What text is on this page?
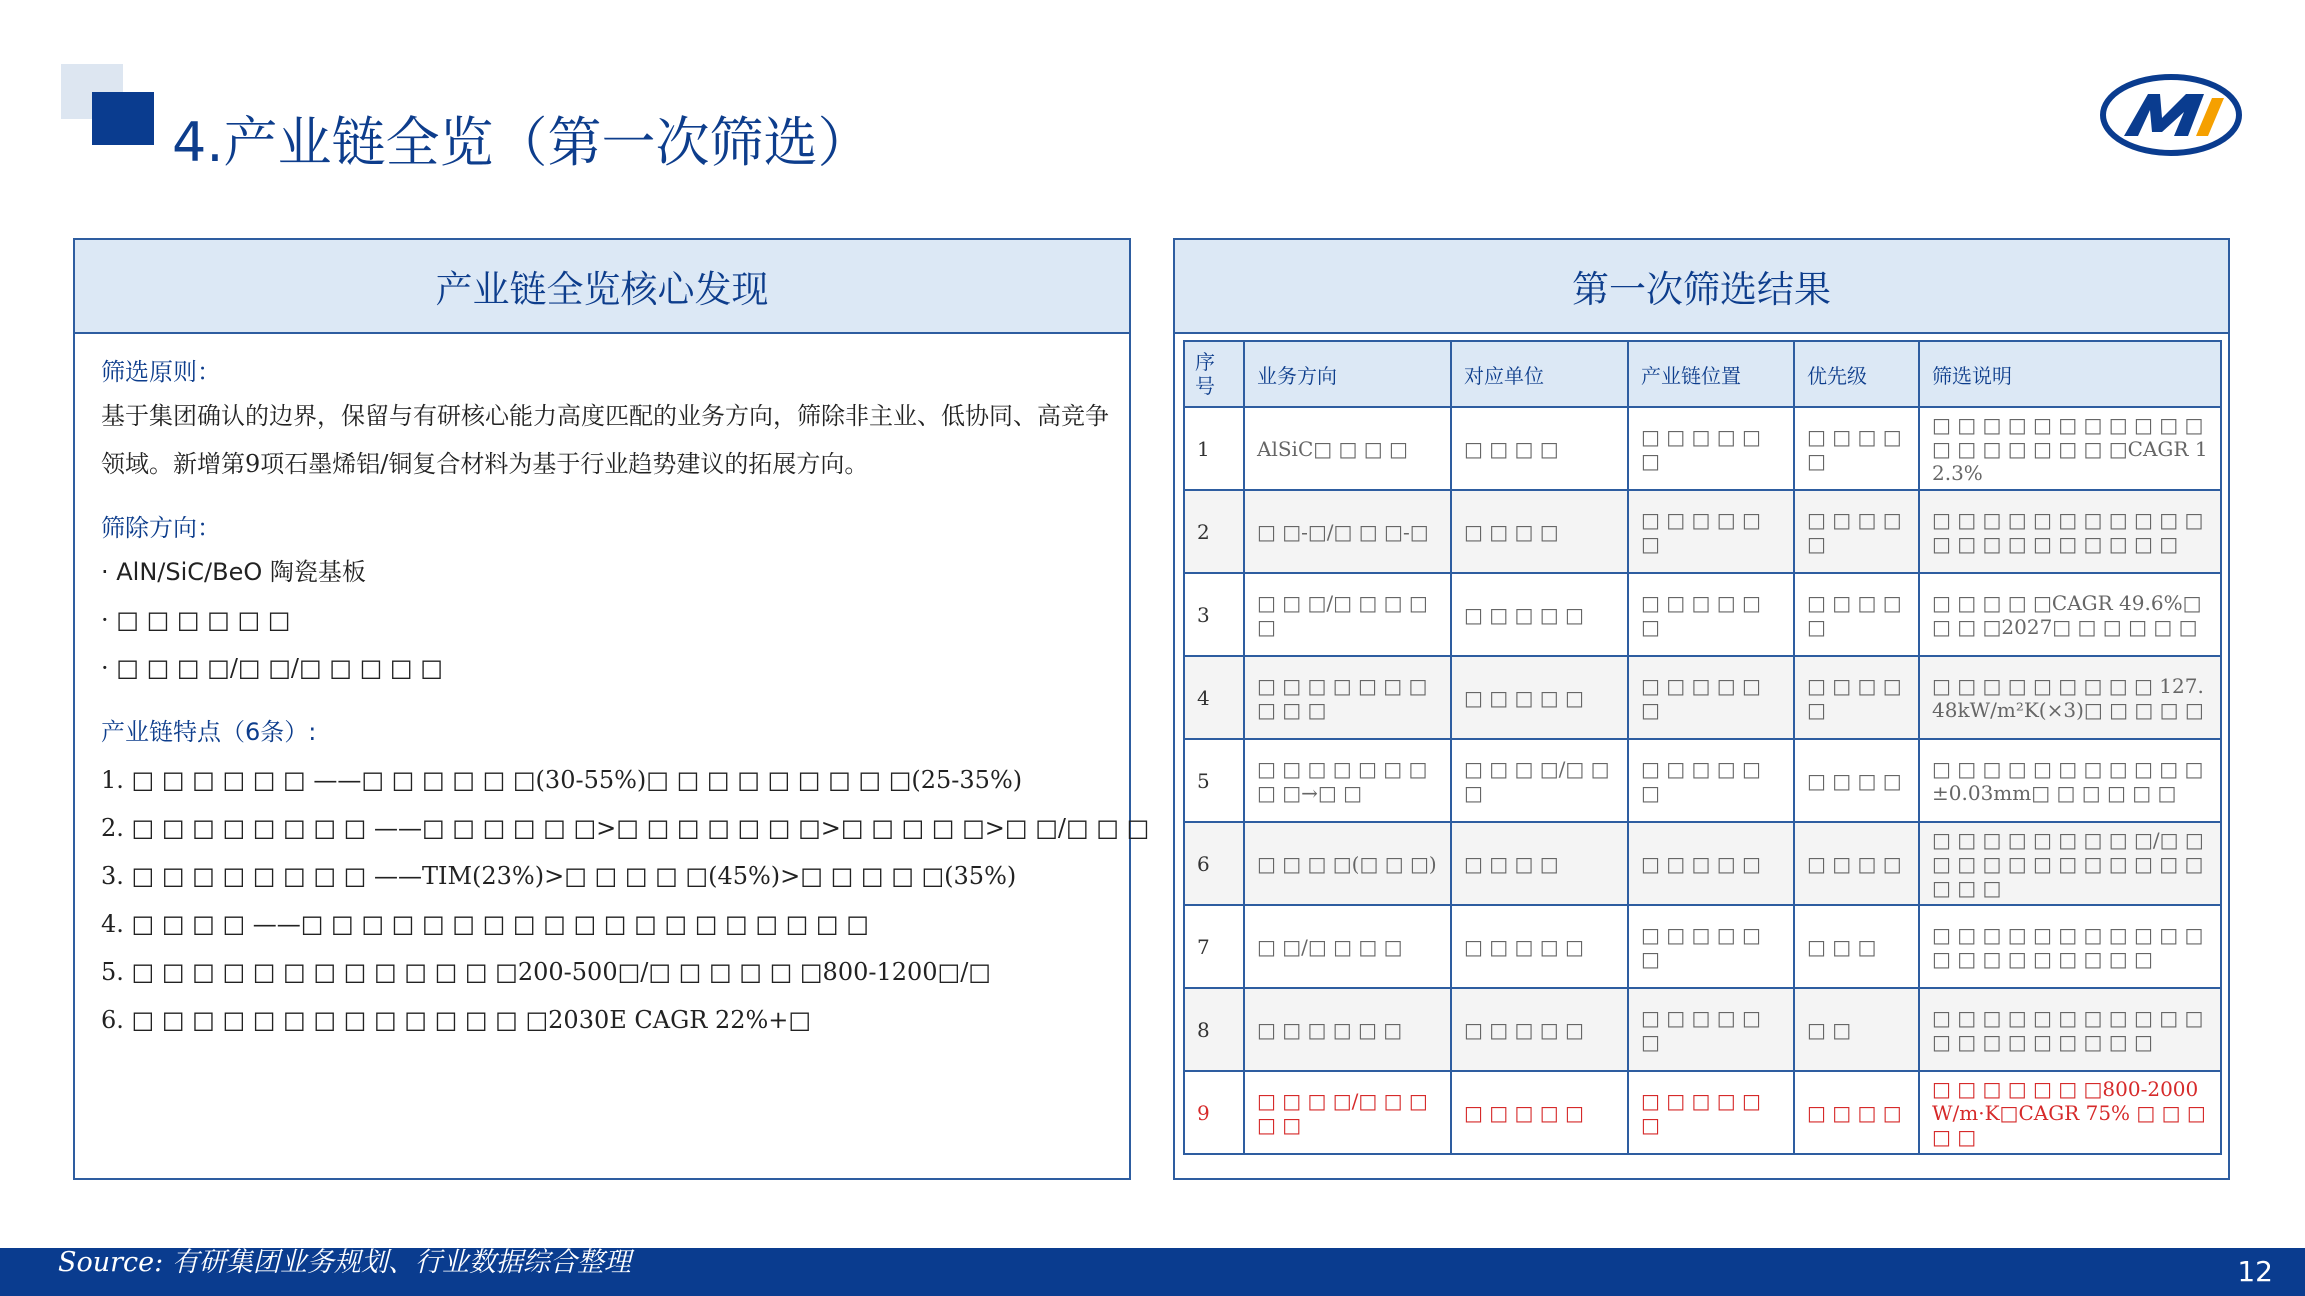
4.产业链全览（第一次筛选）
产业链全览核心发现
筛选原则：
基于集团确认的边界，保留与有研核心能力高度匹配的业务方向，筛除非主业、低协同、高竞争领域。新增第9项石墨烯铝/铜复合材料为基于行业趋势建议的拓展方向。
筛除方向：
· AlN/SiC/BeO 陶瓷基板
· □ □ □ □ □ □
· □ □ □ □/□ □/□ □ □ □ □
产业链特点（6条）:
1. □ □ □ □ □ □ ——□ □ □ □ □ □(30-55%)□ □ □ □ □ □ □ □ □(25-35%)
2. □ □ □ □ □ □ □ □ ——□ □ □ □ □ □>□ □ □ □ □ □ □>□ □ □ □ □>□ □/□ □ □
3. □ □ □ □ □ □ □ □ ——TIM(23%)>□ □ □ □ □(45%)>□ □ □ □ □(35%)
4. □ □ □ □ ——□ □ □ □ □ □ □ □ □ □ □ □ □ □ □ □ □ □ □
5. □ □ □ □ □ □ □ □ □ □ □ □ □200-500□/□ □ □ □ □ □800-1200□/□
6. □ □ □ □ □ □ □ □ □ □ □ □ □ □2030E CAGR 22%+□
第一次筛选结果
序号	业务方向	对应单位	产业链位置	优先级	筛选说明
1	AlSiC□ □ □ □	□ □ □ □	□ □ □ □ □ □	□ □ □ □ □	□ □ □ □ □ □ □ □ □ □ □ □ □ □ □ □ □ □ □CAGR 12.3%
2	□ □-□/□ □ □-□	□ □ □ □	□ □ □ □ □ □	□ □ □ □ □	□ □ □ □ □ □ □ □ □ □ □ □ □ □ □ □ □ □ □ □ □
3	□ □ □/□ □ □ □ □	□ □ □ □ □	□ □ □ □ □ □	□ □ □ □ □	□ □ □ □ □CAGR 49.6%□ □ □ □2027□ □ □ □ □ □
4	□ □ □ □ □ □ □ □ □ □	□ □ □ □ □	□ □ □ □ □ □	□ □ □ □ □	□ □ □ □ □ □ □ □ □ 127.48kW/m²K(×3)□ □ □ □ □
5	□ □ □ □ □ □ □ □ □→□ □	□ □ □ □/□ □ □	□ □ □ □ □ □	□ □ □ □	□ □ □ □ □ □ □ □ □ □ □ ±0.03mm□ □ □ □ □ □
6	□ □ □ □(□ □ □)	□ □ □ □	□ □ □ □ □	□ □ □ □	□ □ □ □ □ □ □ □ □/□ □ □ □ □ □ □ □ □ □ □ □ □ □ □ □
7	□ □/□ □ □ □	□ □ □ □ □	□ □ □ □ □ □	□ □ □	□ □ □ □ □ □ □ □ □ □ □ □ □ □ □ □ □ □ □ □
8	□ □ □ □ □ □	□ □ □ □ □	□ □ □ □ □ □	□ □	□ □ □ □ □ □ □ □ □ □ □ □ □ □ □ □ □ □ □ □
9	□ □ □ □/□ □ □ □ □	□ □ □ □ □	□ □ □ □ □ □	□ □ □ □	□ □ □ □ □ □ □800-2000W/m·K□CAGR 75% □ □ □ □ □
Source: 有研集团业务规划、行业数据综合整理	12
